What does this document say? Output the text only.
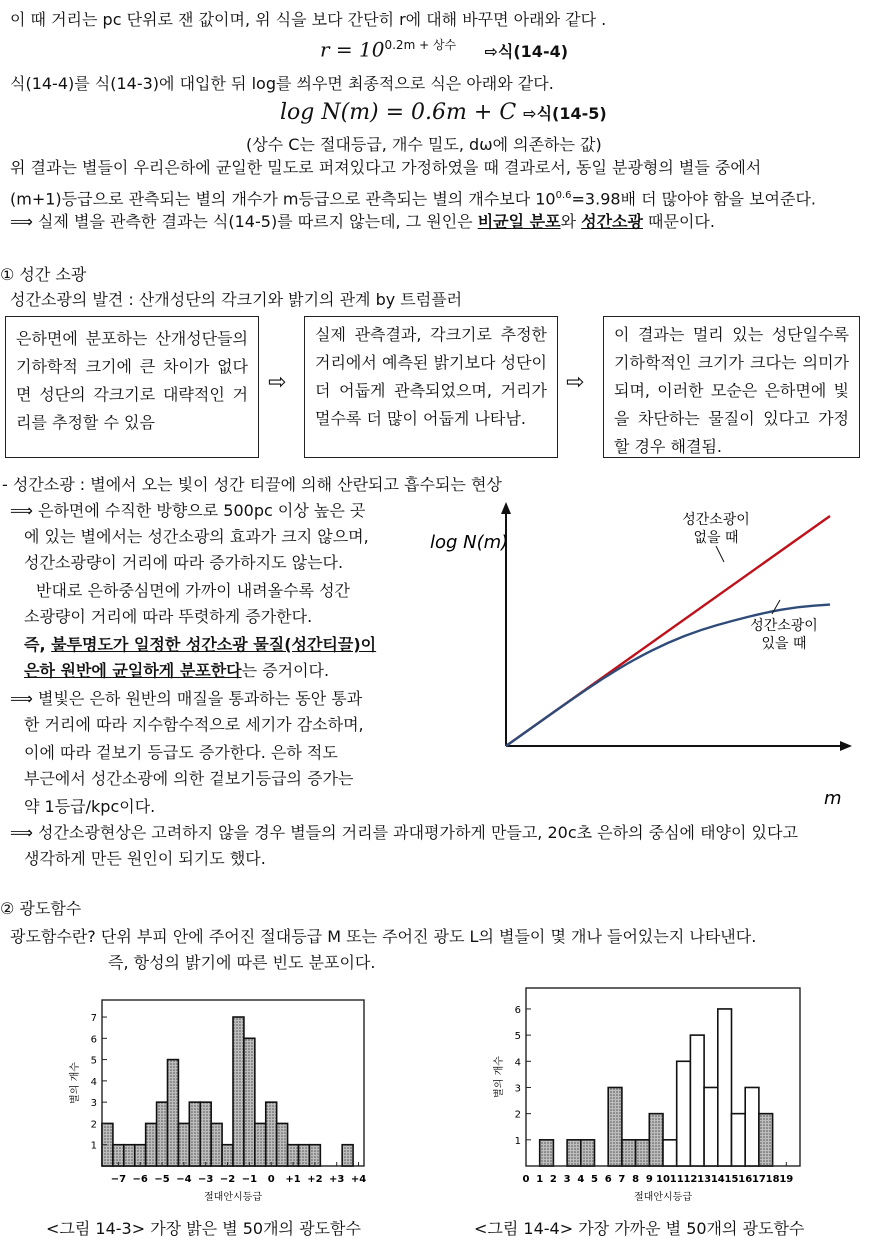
이 때 거리는 pc 단위로 잰 값이며, 위 식을 보다 간단히 r에 대해 바꾸면 아래와 같다 .
$r = 10^{0.2m + 상수}$ ⇨식(14-4)
식(14-4)를 식(14-3)에 대입한 뒤 log를 씌우면 최종적으로 식은 아래와 같다.
log N(m) = 0.6m + C ⇨식(14-5)
(상수 C는 절대등급, 개수 밀도, dω에 의존하는 값)
위 결과는 별들이 우리은하에 균일한 밀도로 퍼져있다고 가정하였을 때 결과로서, 동일 분광형의 별들 중에서
(m+1)등급으로 관측되는 별의 개수가 m등급으로 관측되는 별의 개수보다 $10^{0.6}=3.98$배 더 많아야 함을 보여준다.
⟹ 실제 별을 관측한 결과는 식(14-5)를 따르지 않는데, 그 원인은 비균일 분포와 성간소광 때문이다.
① 성간 소광
성간소광의 발견 : 산개성단의 각크기와 밝기의 관계 by 트럼플러
은하면에 분포하는 산개성단들의 기하학적 크기에 큰 차이가 없다면 성단의 각크기로 대략적인 거리를 추정할 수 있음
⇨
실제 관측결과, 각크기로 추정한 거리에서 예측된 밝기보다 성단이 더 어둡게 관측되었으며, 거리가 멀수록 더 많이 어둡게 나타남.
⇨
이 결과는 멀리 있는 성단일수록 기하학적인 크기가 크다는 의미가 되며, 이러한 모순은 은하면에 빛을 차단하는 물질이 있다고 가정할 경우 해결됨.
- 성간소광 : 별에서 오는 빛이 성간 티끌에 의해 산란되고 흡수되는 현상
⟹ 은하면에 수직한 방향으로 500pc 이상 높은 곳
에 있는 별에서는 성간소광의 효과가 크지 않으며,
성간소광량이 거리에 따라 증가하지도 않는다.
반대로 은하중심면에 가까이 내려올수록 성간
소광량이 거리에 따라 뚜렷하게 증가한다.
즉, 불투명도가 일정한 성간소광 물질(성간티끌)이
은하 원반에 균일하게 분포한다는 증거이다.
⟹ 별빛은 은하 원반의 매질을 통과하는 동안 통과
한 거리에 따라 지수함수적으로 세기가 감소하며,
이에 따라 겉보기 등급도 증가한다. 은하 적도
부근에서 성간소광에 의한 겉보기등급의 증가는
약 1등급/kpc이다.
⟹ 성간소광현상은 고려하지 않을 경우 별들의 거리를 과대평가하게 만들고, 20c초 은하의 중심에 태양이 있다고
생각하게 만든 원인이 되기도 했다.
log N(m)
m
성간소광이
없을 때
성간소광이
있을 때
② 광도함수
광도함수란? 단위 부피 안에 주어진 절대등급 M 또는 주어진 광도 L의 별들이 몇 개나 들어있는지 나타낸다.
즉, 항성의 밝기에 따른 빈도 분포이다.
1
2
3
4
5
6
7
−7 −6 −5 −4 −3 −2 −1 0 +1 +2 +3 +4
별의 개수
절대안시등급
1
2
3
4
5
6
0 1 2 3 4 5 6 7 8 9 10 11 12 13 14 15 16 17 18 19
별의 개수
절대안시등급
<그림 14-3> 가장 밝은 별 50개의 광도함수	<그림 14-4> 가장 가까운 별 50개의 광도함수
